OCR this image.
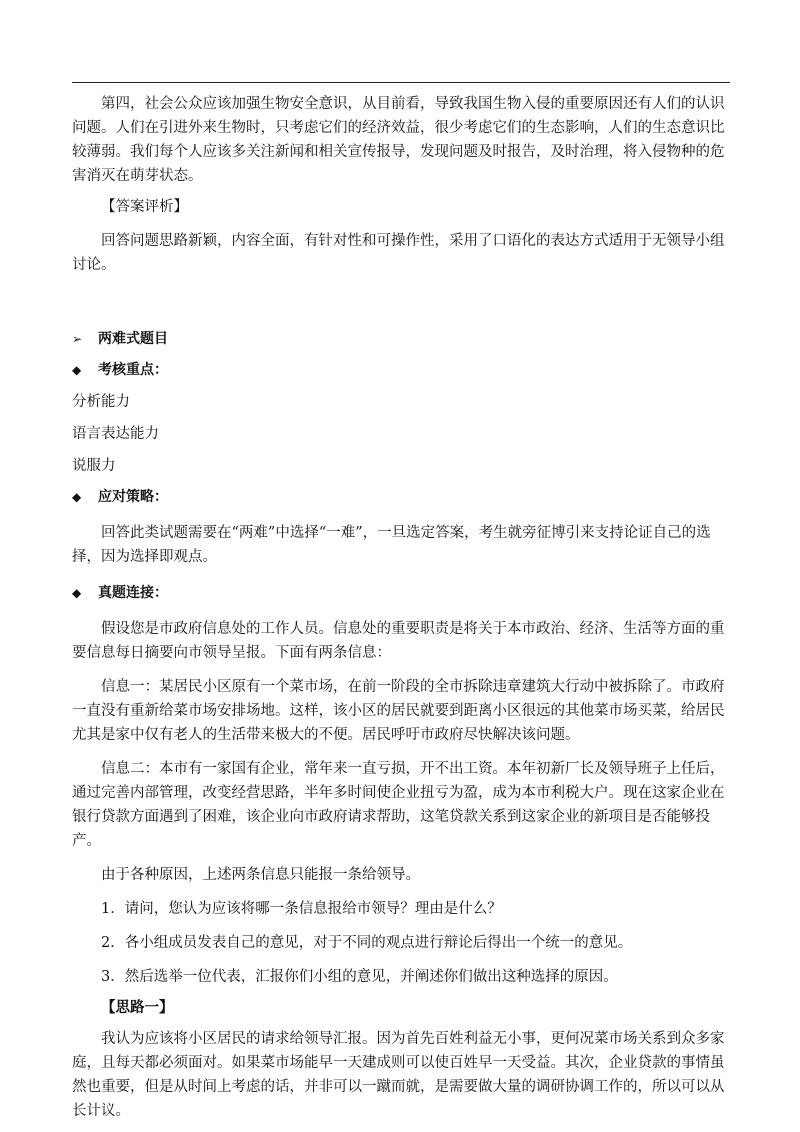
第四，社会公众应该加强生物安全意识，从目前看，导致我国生物入侵的重要原因还有人们的认识问题。人们在引进外来生物时，只考虑它们的经济效益，很少考虑它们的生态影响，人们的生态意识比较薄弱。我们每个人应该多关注新闻和相关宣传报导，发现问题及时报告，及时治理，将入侵物种的危害消灭在萌芽状态。

【答案评析】

回答问题思路新颖，内容全面，有针对性和可操作性，采用了口语化的表达方式适用于无领导小组讨论。

➢	两难式题目
◆	考核重点：

分析能力

语言表达能力

说服力

◆	应对策略：

回答此类试题需要在“两难”中选择“一难”，一旦选定答案，考生就旁征博引来支持论证自己的选择，因为选择即观点。

◆	真题连接：

假设您是市政府信息处的工作人员。信息处的重要职责是将关于本市政治、经济、生活等方面的重要信息每日摘要向市领导呈报。下面有两条信息：

信息一：某居民小区原有一个菜市场，在前一阶段的全市拆除违章建筑大行动中被拆除了。市政府一直没有重新给菜市场安排场地。这样，该小区的居民就要到距离小区很远的其他菜市场买菜，给居民尤其是家中仅有老人的生活带来极大的不便。居民呼吁市政府尽快解决该问题。

信息二：本市有一家国有企业，常年来一直亏损，开不出工资。本年初新厂长及领导班子上任后，通过完善内部管理，改变经营思路，半年多时间使企业扭亏为盈，成为本市利税大户。现在这家企业在银行贷款方面遇到了困难，该企业向市政府请求帮助，这笔贷款关系到这家企业的新项目是否能够投产。

由于各种原因，上述两条信息只能报一条给领导。

1．请问，您认为应该将哪一条信息报给市领导？理由是什么？

2．各小组成员发表自己的意见，对于不同的观点进行辩论后得出一个统一的意见。

3．然后选举一位代表，汇报你们小组的意见，并阐述你们做出这种选择的原因。

【思路一】

我认为应该将小区居民的请求给领导汇报。因为首先百姓利益无小事，更何况菜市场关系到众多家庭，且每天都必须面对。如果菜市场能早一天建成则可以使百姓早一天受益。其次，企业贷款的事情虽然也重要，但是从时间上考虑的话，并非可以一蹴而就，是需要做大量的调研协调工作的，所以可以从长计议。
